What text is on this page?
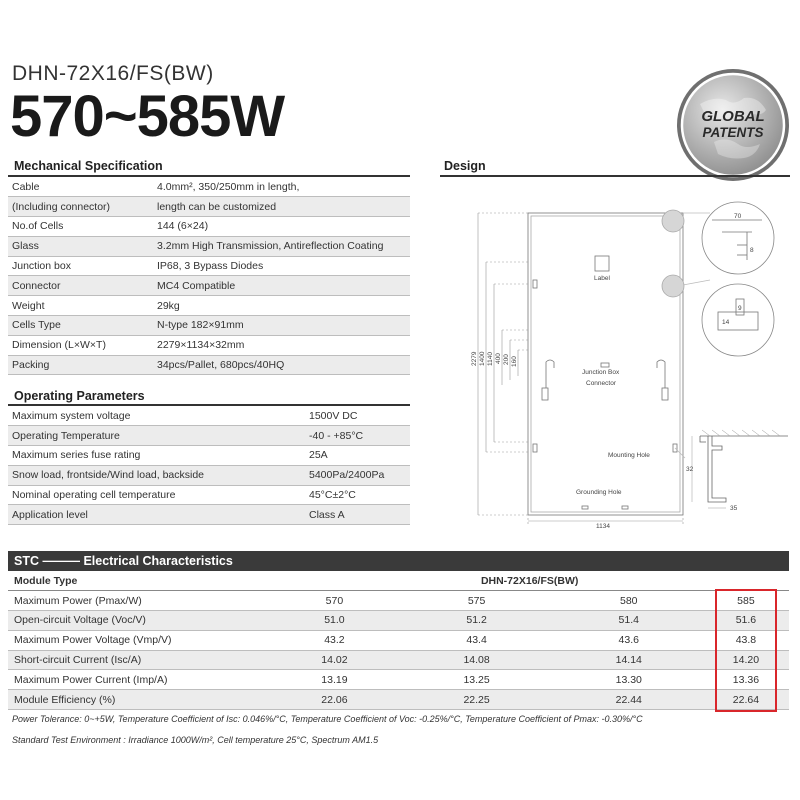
DHN-72X16/FS(BW)
570~585W	GLOBAL
PATENTS
Mechanical Specification
Cable	4.0mm², 350/250mm in length,
(Including connector)	length can be customized
No.of Cells	144 (6×24)
Glass	3.2mm High Transmission, Antireflection Coating
Junction box	IP68, 3 Bypass Diodes
Connector	MC4 Compatible
Weight	29kg
Cells Type	N-type 182×91mm
Dimension (L×W×T)	2279×1134×32mm
Packing	34pcs/Pallet, 680pcs/40HQ
Operating Parameters
Maximum system voltage	1500V DC
Operating Temperature	-40 - +85°C
Maximum series fuse rating	25A
Snow load, frontside/Wind load, backside	5400Pa/2400Pa
Nominal operating cell temperature	45°C±2°C
Application level	Class A
Design
Label
Junction Box
Connector
Mounting Hole
Grounding Hole
1134
70
8
9
14
32
35
2279 1400 1140 400 200 160
STC ——— Electrical Characteristics
Module Type	DHN-72X16/FS(BW)			
Maximum Power (Pmax/W)	570	575	580	585
Open-circuit Voltage (Voc/V)	51.0	51.2	51.4	51.6
Maximum Power Voltage (Vmp/V)	43.2	43.4	43.6	43.8
Short-circuit Current (Isc/A)	14.02	14.08	14.14	14.20
Maximum Power Current (Imp/A)	13.19	13.25	13.30	13.36
Module Efficiency (%)	22.06	22.25	22.44	22.64
Power Tolerance: 0~+5W, Temperature Coefficient of Isc: 0.046%/°C, Temperature Coefficient of Voc: -0.25%/°C, Temperature Coefficient of Pmax: -0.30%/°C
Standard Test Environment : Irradiance 1000W/m², Cell temperature 25°C, Spectrum AM1.5
